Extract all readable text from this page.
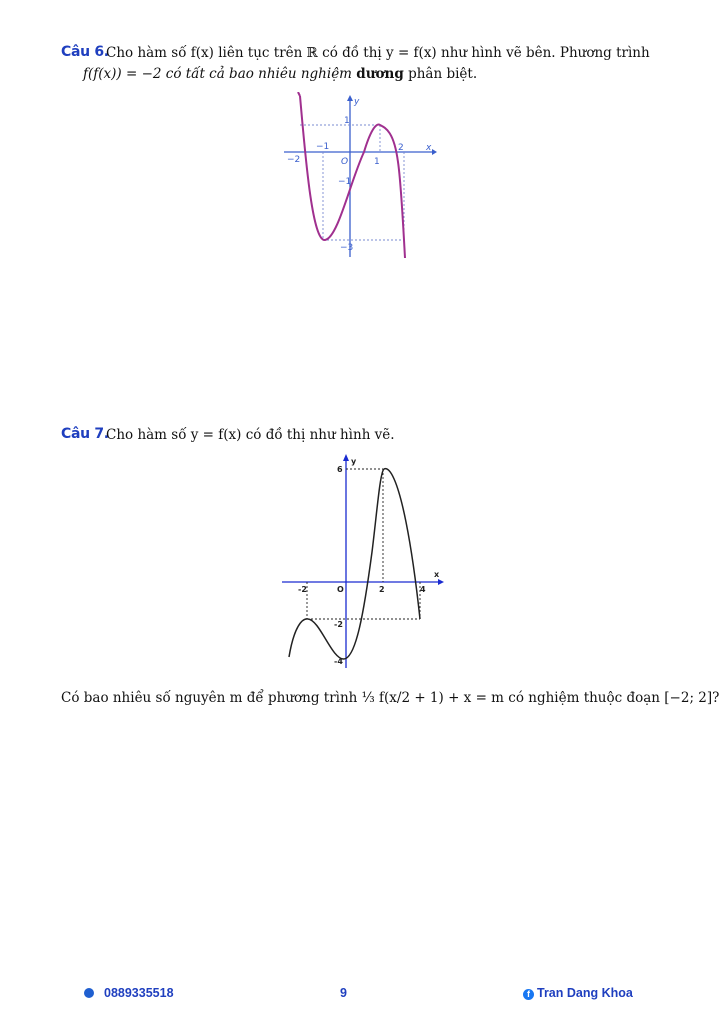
Câu 6.
Cho hàm số f(x) liên tục trên ℝ có đồ thị y = f(x) như hình vẽ bên. Phương trình
f(f(x)) = −2 có tất cả bao nhiêu nghiệm dương phân biệt.
y
x
1
−2
−1
O	1
2
−1
−3
Câu 7.
Cho hàm số y = f(x) có đồ thị như hình vẽ.
y
x
6
-2	O	2	4
-2
-4
Có bao nhiêu số nguyên m để phương trình ⅓ f(x/2 + 1) + x = m có nghiệm thuộc đoạn [−2; 2]?
0889335518	9	f Tran Dang Khoa
